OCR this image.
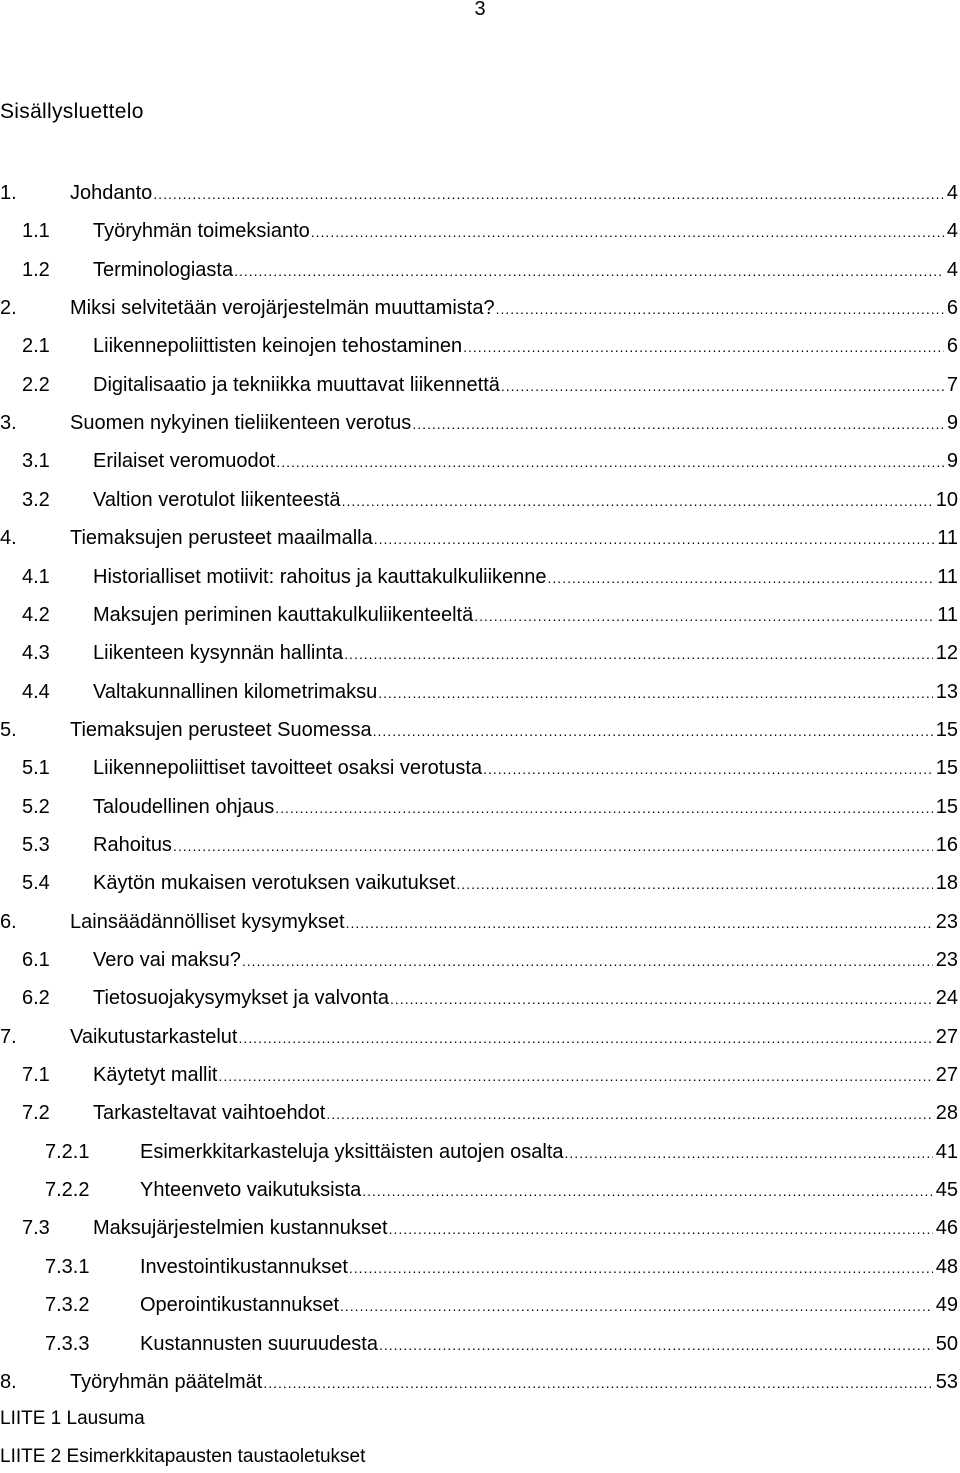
3
Sisällysluettelo
1.	Johdanto .....	4
1.1 Työryhmän toimeksianto .....	4
1.2 Terminologiasta .....	4
2.	Miksi selvitetään verojärjestelmän muuttamista? .....	6
2.1 Liikennepoliittisten keinojen tehostaminen .....	6
2.2 Digitalisaatio ja tekniikka muuttavat liikennettä .....	7
3.	Suomen nykyinen tieliikenteen verotus .....	9
3.1 Erilaiset veromuodot .....	9
3.2 Valtion verotulot liikenteestä .....	10
4.	Tiemaksujen perusteet maailmalla .....	11
4.1 Historialliset motiivit: rahoitus ja kauttakulkuliikenne .....	11
4.2 Maksujen periminen kauttakulkuliikenteeltä .....	11
4.3 Liikenteen kysynnän hallinta .....	12
4.4 Valtakunnallinen kilometrimaksu .....	13
5.	Tiemaksujen perusteet Suomessa .....	15
5.1 Liikennepoliittiset tavoitteet osaksi verotusta .....	15
5.2 Taloudellinen ohjaus .....	15
5.3 Rahoitus .....	16
5.4 Käytön mukaisen verotuksen vaikutukset .....	18
6.	Lainsäädännölliset kysymykset .....	23
6.1 Vero vai maksu? .....	23
6.2 Tietosuojakysymykset ja valvonta .....	24
7.	Vaikutustarkastelut .....	27
7.1 Käytetyt mallit .....	27
7.2 Tarkasteltavat vaihtoehdot .....	28
7.2.1	Esimerkkitarkasteluja yksittäisten autojen osalta .....	41
7.2.2	Yhteenveto vaikutuksista .....	45
7.3 Maksujärjestelmien kustannukset .....	46
7.3.1	Investointikustannukset .....	48
7.3.2	Operointikustannukset .....	49
7.3.3	Kustannusten suuruudesta .....	50
8.	Työryhmän päätelmät .....	53
LIITE 1 Lausuma
LIITE 2 Esimerkkitapausten taustaoletukset
